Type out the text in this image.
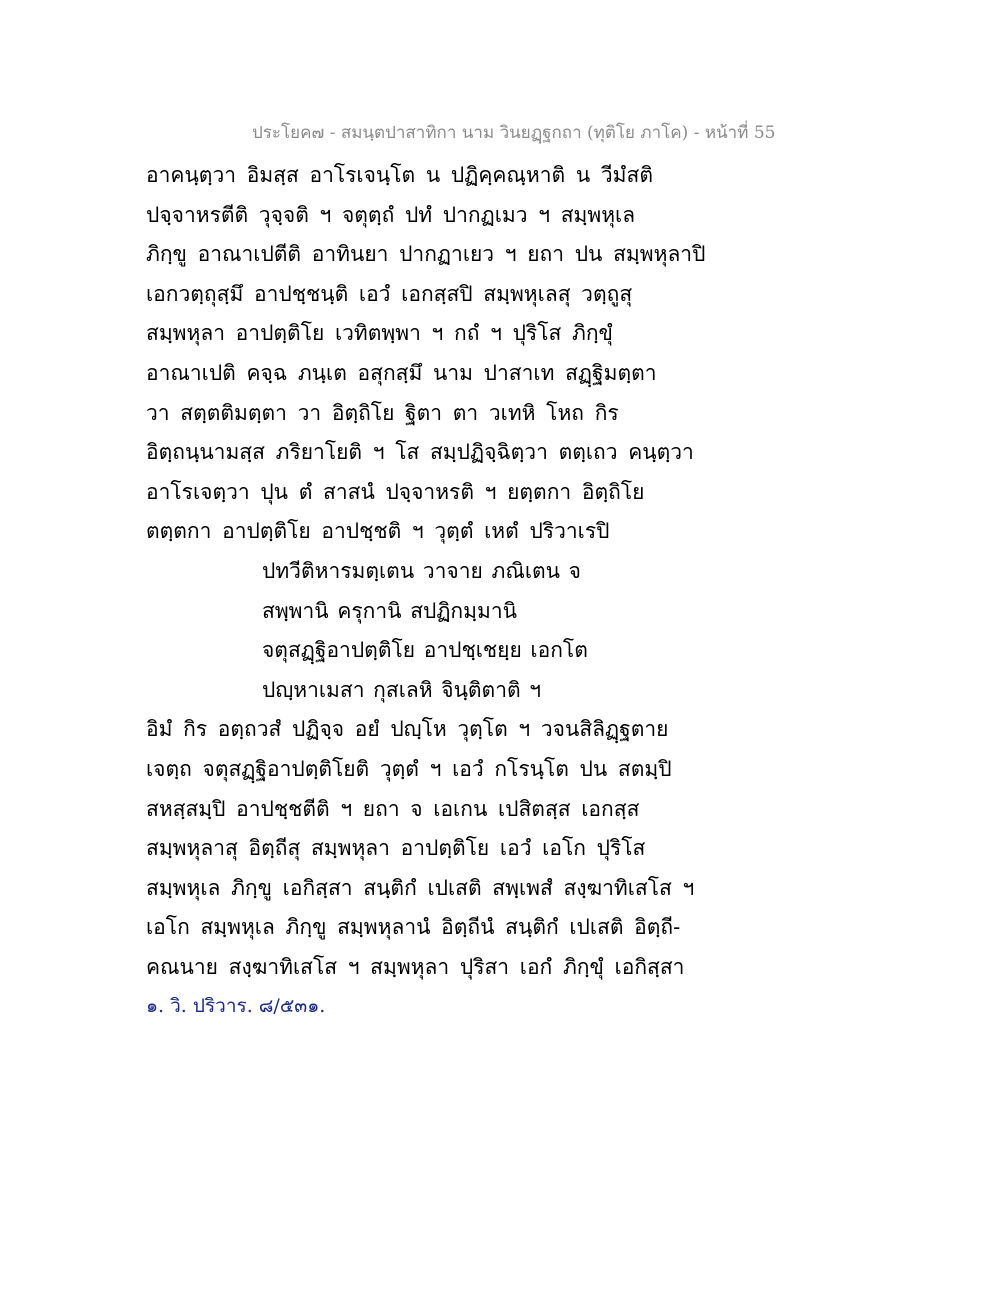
ประโยค๗ - สมนฺตปาสาทิกา นาม วินยฏฺฐกถา (ทุติโย ภาโค) - หน้าที่ 55
อาคนฺตฺวา อิมสฺส อาโรเจนฺโต น ปฏิคฺคณฺหาติ น วีมํสติ
ปจฺจาหรตีติ วุจฺจติ ฯ จตุตฺถํ ปทํ ปากฏเมว ฯ สมฺพหุเล
ภิกฺขู อาณาเปตีติ อาทินยา ปากฏาเยว ฯ ยถา ปน สมฺพหุลาปิ
เอกวตฺถุสฺมึ อาปชฺชนฺติ เอวํ เอกสฺสปิ สมฺพหุเลสุ วตฺถูสุ
สมฺพหุลา อาปตฺติโย เวทิตพฺพา ฯ กถํ ฯ ปุริโส ภิกฺขุํ
อาณาเปติ คจฺฉ ภนฺเต อสุกสฺมึ นาม ปาสาเท สฏฺฐิมตฺตา
วา สตฺตติมตฺตา วา อิตฺถิโย ฐิตา ตา วเทหิ โหถ กิร
อิตฺถนฺนามสฺส ภริยาโยติ ฯ โส สมฺปฏิจฺฉิตฺวา ตตฺเถว คนฺตฺวา
อาโรเจตฺวา ปุน ตํ สาสนํ ปจฺจาหรติ ฯ ยตฺตกา อิตฺถิโย
ตตฺตกา อาปตฺติโย อาปชฺชติ ฯ วุตฺตํ เหตํ ปริวาเรปิ
ปทวีติหารมตฺเตน วาจาย ภณิเตน จ
สพฺพานิ ครุกานิ สปฏิกมฺมานิ
จตุสฏฺฐิอาปตฺติโย อาปชฺเชยฺย เอกโต
ปญฺหาเมสา กุสเลหิ จินฺติตาติ ฯ
อิมํ กิร อตฺถวสํ ปฏิจฺจ อยํ ปญฺโห วุตฺโต ฯ วจนสิลิฏฺฐตาย
เจตฺถ จตุสฏฺฐิอาปตฺติโยติ วุตฺตํ ฯ เอวํ กโรนฺโต ปน สตมฺปิ
สหสฺสมฺปิ อาปชฺชตีติ ฯ ยถา จ เอเกน เปสิตสฺส เอกสฺส
สมฺพหุลาสุ อิตฺถีสุ สมฺพหุลา อาปตฺติโย เอวํ เอโก ปุริโส
สมฺพหุเล ภิกฺขู เอกิสฺสา สนฺติกํ เปเสติ สพฺเพสํ สงฺฆาทิเสโส ฯ
เอโก สมฺพหุเล ภิกฺขู สมฺพหุลานํ อิตฺถีนํ สนฺติกํ เปเสติ อิตฺถี-
คณนาย สงฺฆาทิเสโส ฯ สมฺพหุลา ปุริสา เอกํ ภิกฺขุํ เอกิสฺสา
๑. วิ. ปริวาร. ๘/๕๓๑.
